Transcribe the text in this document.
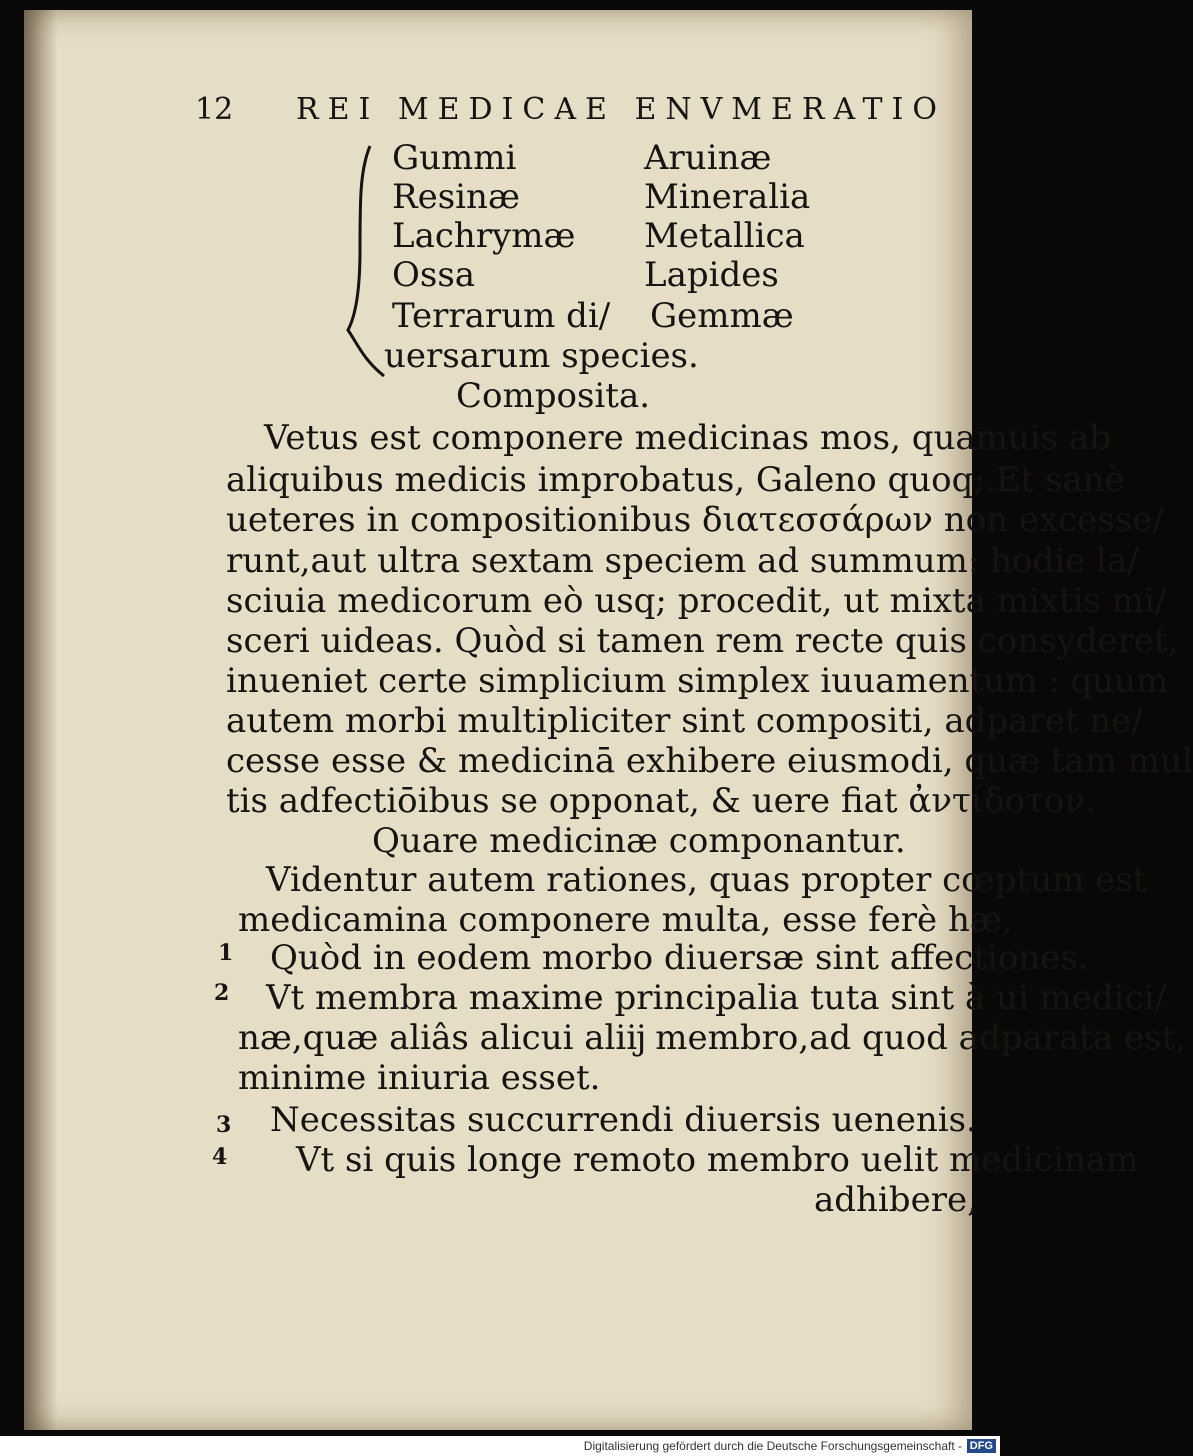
12 REI MEDICAE ENVMERATIO
Gummi
Resinæ
Lachrymæ
Ossa
Terrarum di/
uersarum species.
Aruinæ
Mineralia
Metallica
Lapides
Gemmæ
Composita.
Vetus est componere medicinas mos, quamuis ab
aliquibus medicis improbatus, Galeno quoq;.Et sanè
ueteres in compositionibus διατεσσάρων non excesse/
runt,aut ultra sextam speciem ad summum: hodie la/
sciuia medicorum eò usq; procedit, ut mixta mixtis mi/
sceri uideas. Quòd si tamen rem recte quis consyderet,
inueniet certe simplicium simplex iuuamentum : quum
autem morbi multipliciter sint compositi, adparet ne/
cesse esse & medicinā exhibere eiusmodi, quæ tam mul
tis adfectiōibus se opponat, & uere fiat ἀντίδοτον.
Quare medicinæ componantur.
Videntur autem rationes, quas propter cœptum est
medicamina componere multa, esse ferè hæ,
1 Quòd in eodem morbo diuersæ sint affectiones.
2 Vt membra maxime principalia tuta sint à ui medici/
næ,quæ aliâs alicui aliĳ membro,ad quod adparata est,
minime iniuria esset.
3 Necessitas succurrendi diuersis uenenis.
4 Vt si quis longe remoto membro uelit medicinam
adhibere,
Digitalisierung gefördert durch die Deutsche Forschungsgemeinschaft - DFG
